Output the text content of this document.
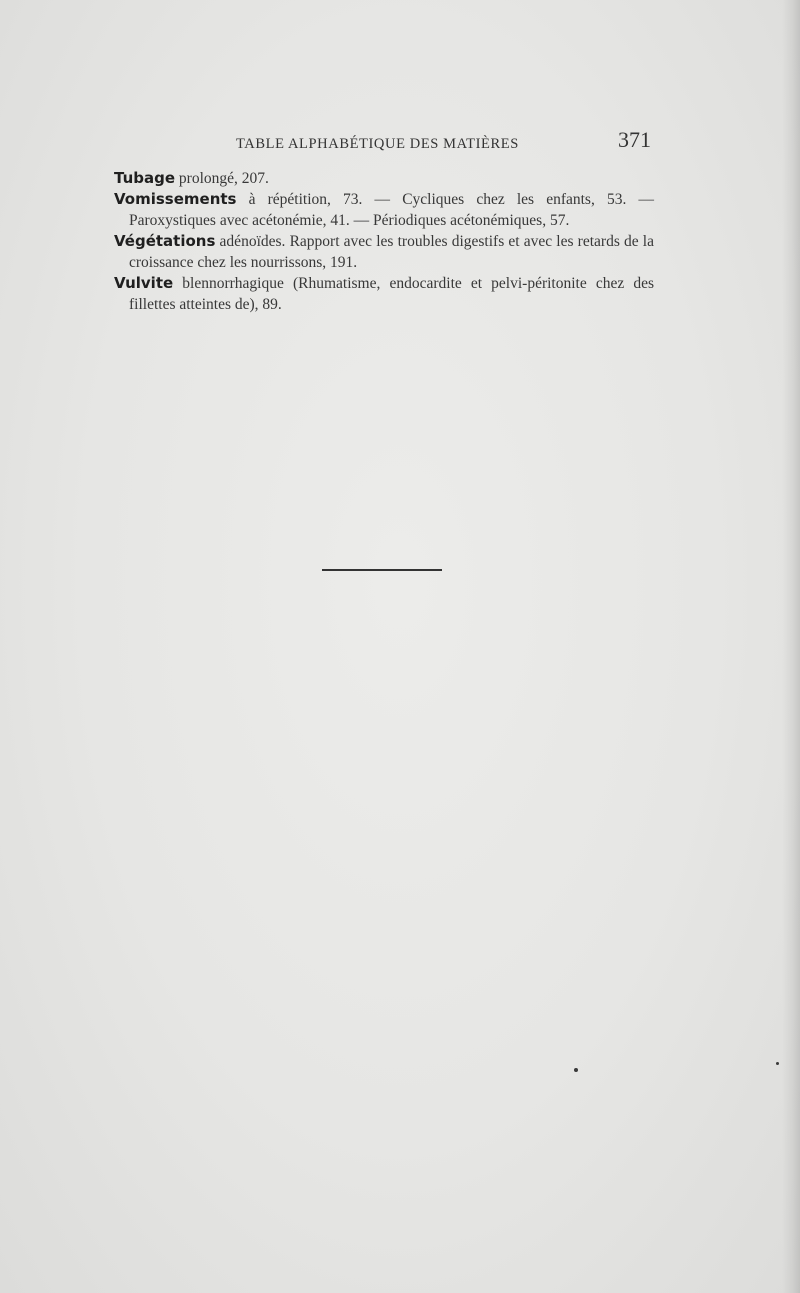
TABLE ALPHABÉTIQUE DES MATIÈRES	371

Tubage prolongé, 207.

Vomissements à répétition, 73. — Cycliques chez les enfants, 53. — Paroxystiques avec acétonémie, 41. — Périodiques acétonémiques, 57.

Végétations adénoïdes. Rapport avec les troubles digestifs et avec les retards de la croissance chez les nourrissons, 191.

Vulvite blennorrhagique (Rhumatisme, endocardite et pelvi-péritonite chez des fillettes atteintes de), 89.
